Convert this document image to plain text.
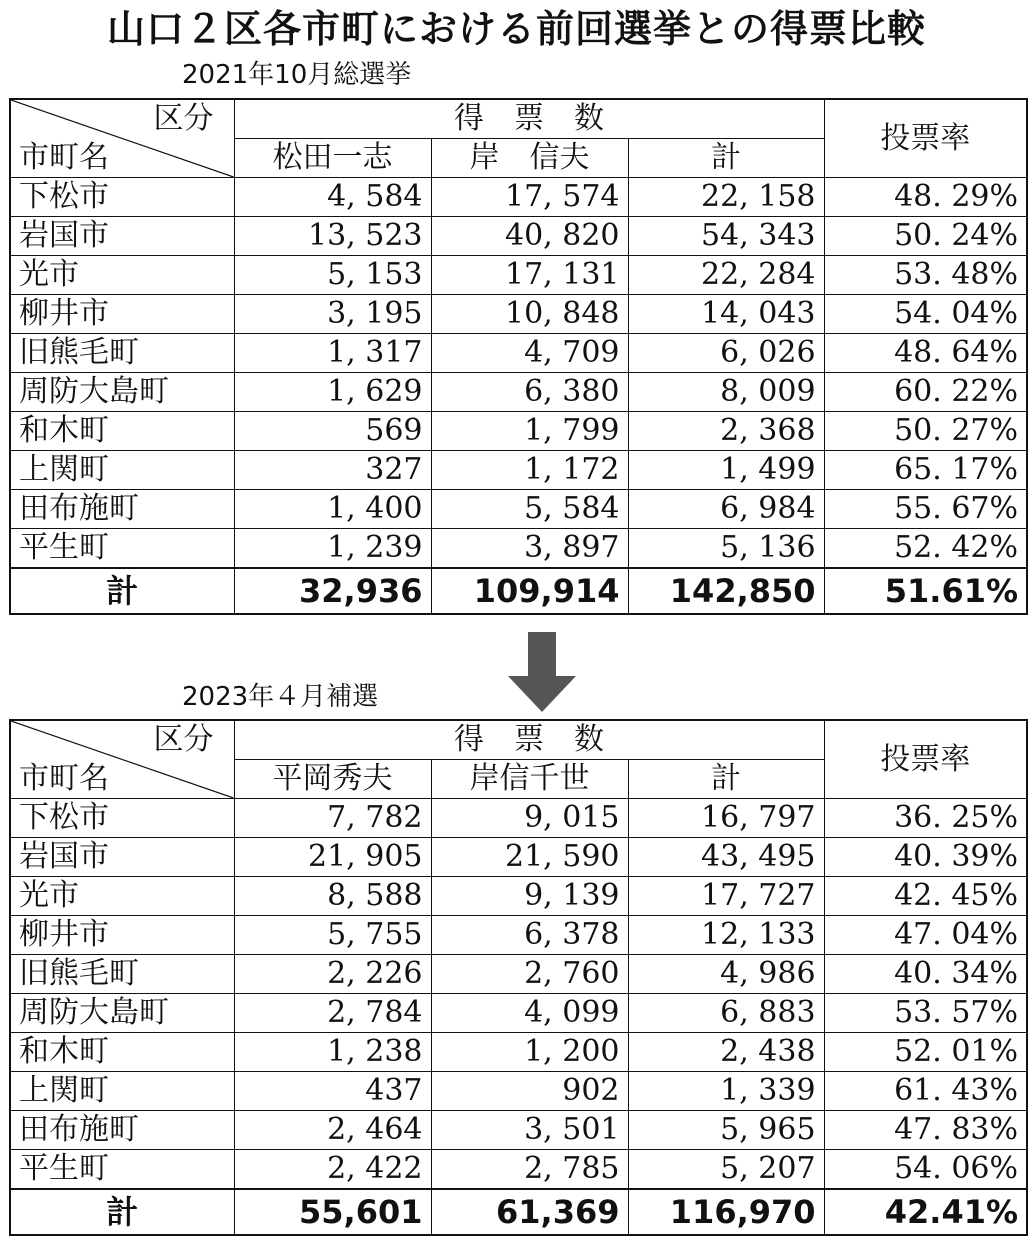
山口２区各市町における前回選挙との得票比較
2021年10月総選挙
区分
市町名	得　票　数			投票率
	松田一志	岸　信夫	計	
下松市	4, 584	17, 574	22, 158	48. 29%
岩国市	13, 523	40, 820	54, 343	50. 24%
光市	5, 153	17, 131	22, 284	53. 48%
柳井市	3, 195	10, 848	14, 043	54. 04%
旧熊毛町	1, 317	4, 709	6, 026	48. 64%
周防大島町	1, 629	6, 380	8, 009	60. 22%
和木町	569	1, 799	2, 368	50. 27%
上関町	327	1, 172	1, 499	65. 17%
田布施町	1, 400	5, 584	6, 984	55. 67%
平生町	1, 239	3, 897	5, 136	52. 42%
計	32,936	109,914	142,850	51.61%
2023年４月補選
区分
市町名	得　票　数			投票率
	平岡秀夫	岸信千世	計	
下松市	7, 782	9, 015	16, 797	36. 25%
岩国市	21, 905	21, 590	43, 495	40. 39%
光市	8, 588	9, 139	17, 727	42. 45%
柳井市	5, 755	6, 378	12, 133	47. 04%
旧熊毛町	2, 226	2, 760	4, 986	40. 34%
周防大島町	2, 784	4, 099	6, 883	53. 57%
和木町	1, 238	1, 200	2, 438	52. 01%
上関町	437	902	1, 339	61. 43%
田布施町	2, 464	3, 501	5, 965	47. 83%
平生町	2, 422	2, 785	5, 207	54. 06%
計	55,601	61,369	116,970	42.41%
